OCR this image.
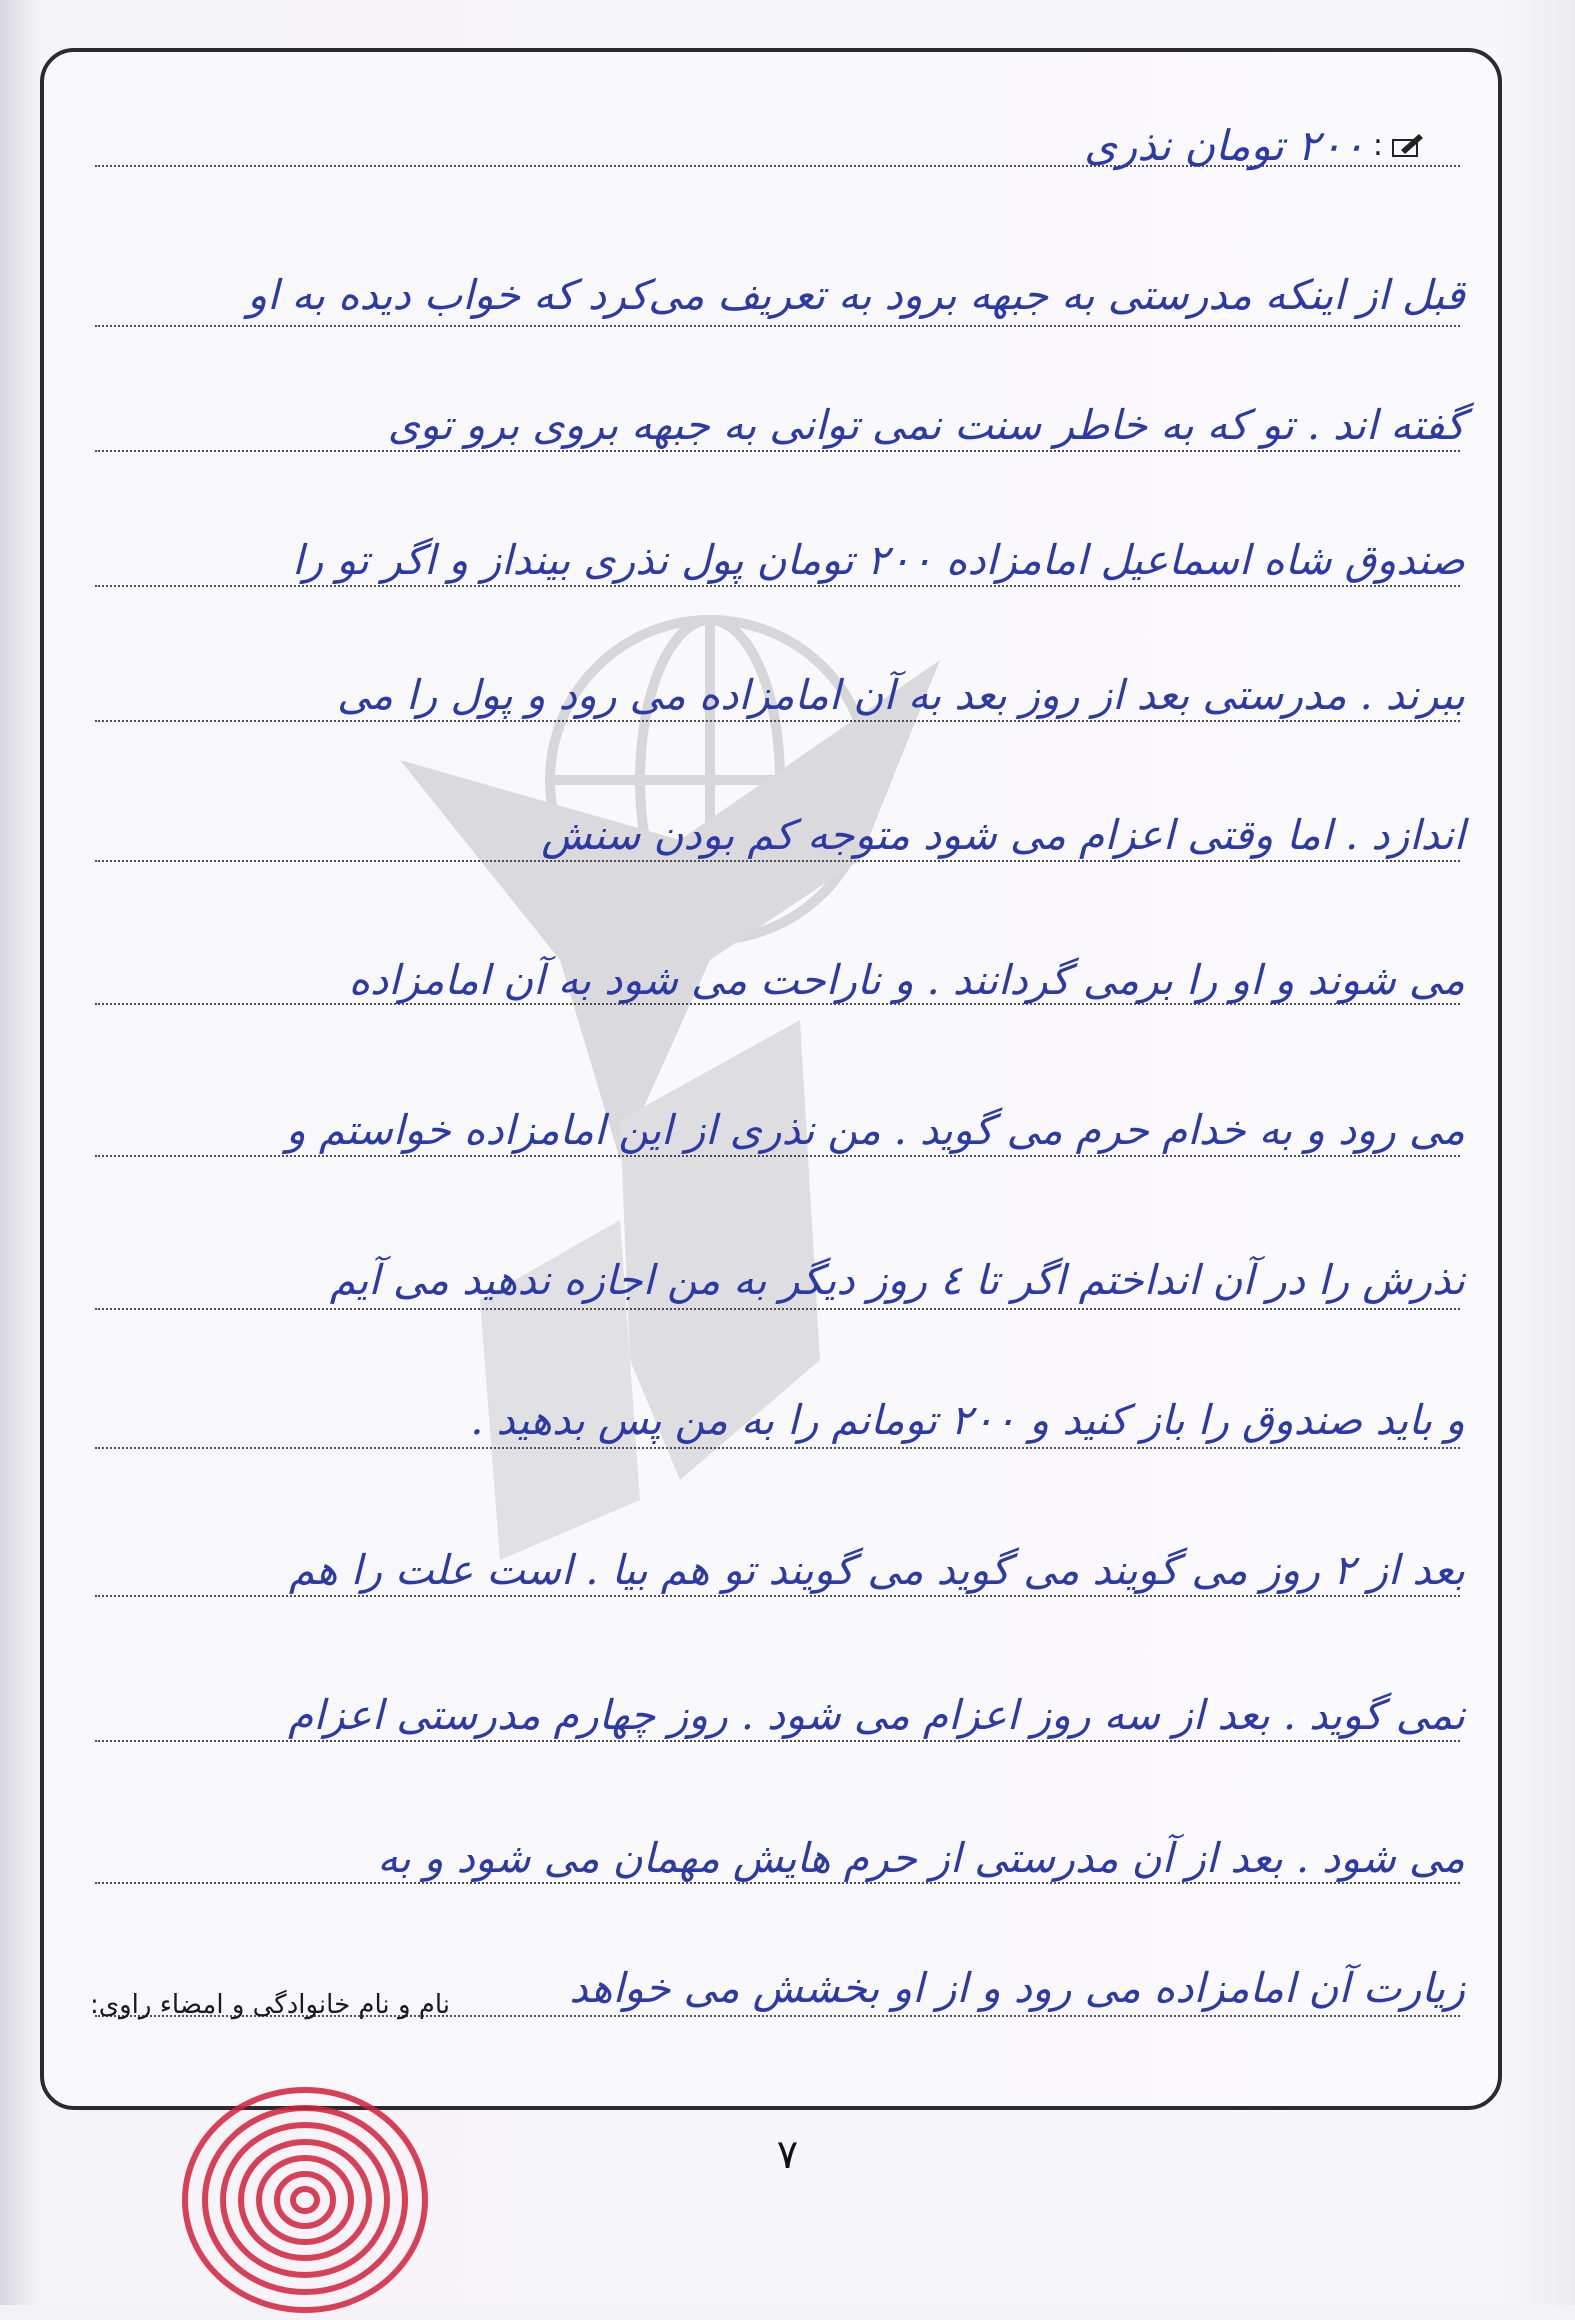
:
۲۰۰ تومان نذری
قبل از اینکه مدرستی به جبهه برود به تعریف می‌کرد که خواب دیده به او
گفته اند . تو که به خاطر سنت نمی توانی به جبهه بروی برو توی
صندوق شاه اسماعیل امامزاده ۲۰۰ تومان پول نذری بینداز و اگر تو را
ببرند . مدرستی بعد از روز بعد به آن امامزاده می رود و پول را می
اندازد . اما وقتی اعزام می شود متوجه کم بودن سنش
می شوند و او را برمی گردانند . و ناراحت می شود به آن امامزاده
می رود و به خدام حرم می گوید . من نذری از این امامزاده خواستم و
نذرش را در آن انداختم اگر تا ٤ روز دیگر به من اجازه ندهید می آیم
و باید صندوق را باز کنید و ۲۰۰ تومانم را به من پس بدهید .
بعد از ۲ روز می گویند می گوید می گویند تو هم بیا . است علت را هم
نمی گوید . بعد از سه روز اعزام می شود . روز چهارم مدرستی اعزام
می شود . بعد از آن مدرستی از حرم هایش مهمان می شود و به
زیارت آن امامزاده می رود و از او بخشش می خواهد
نام و نام خانوادگی و امضاء راوی:
۷
